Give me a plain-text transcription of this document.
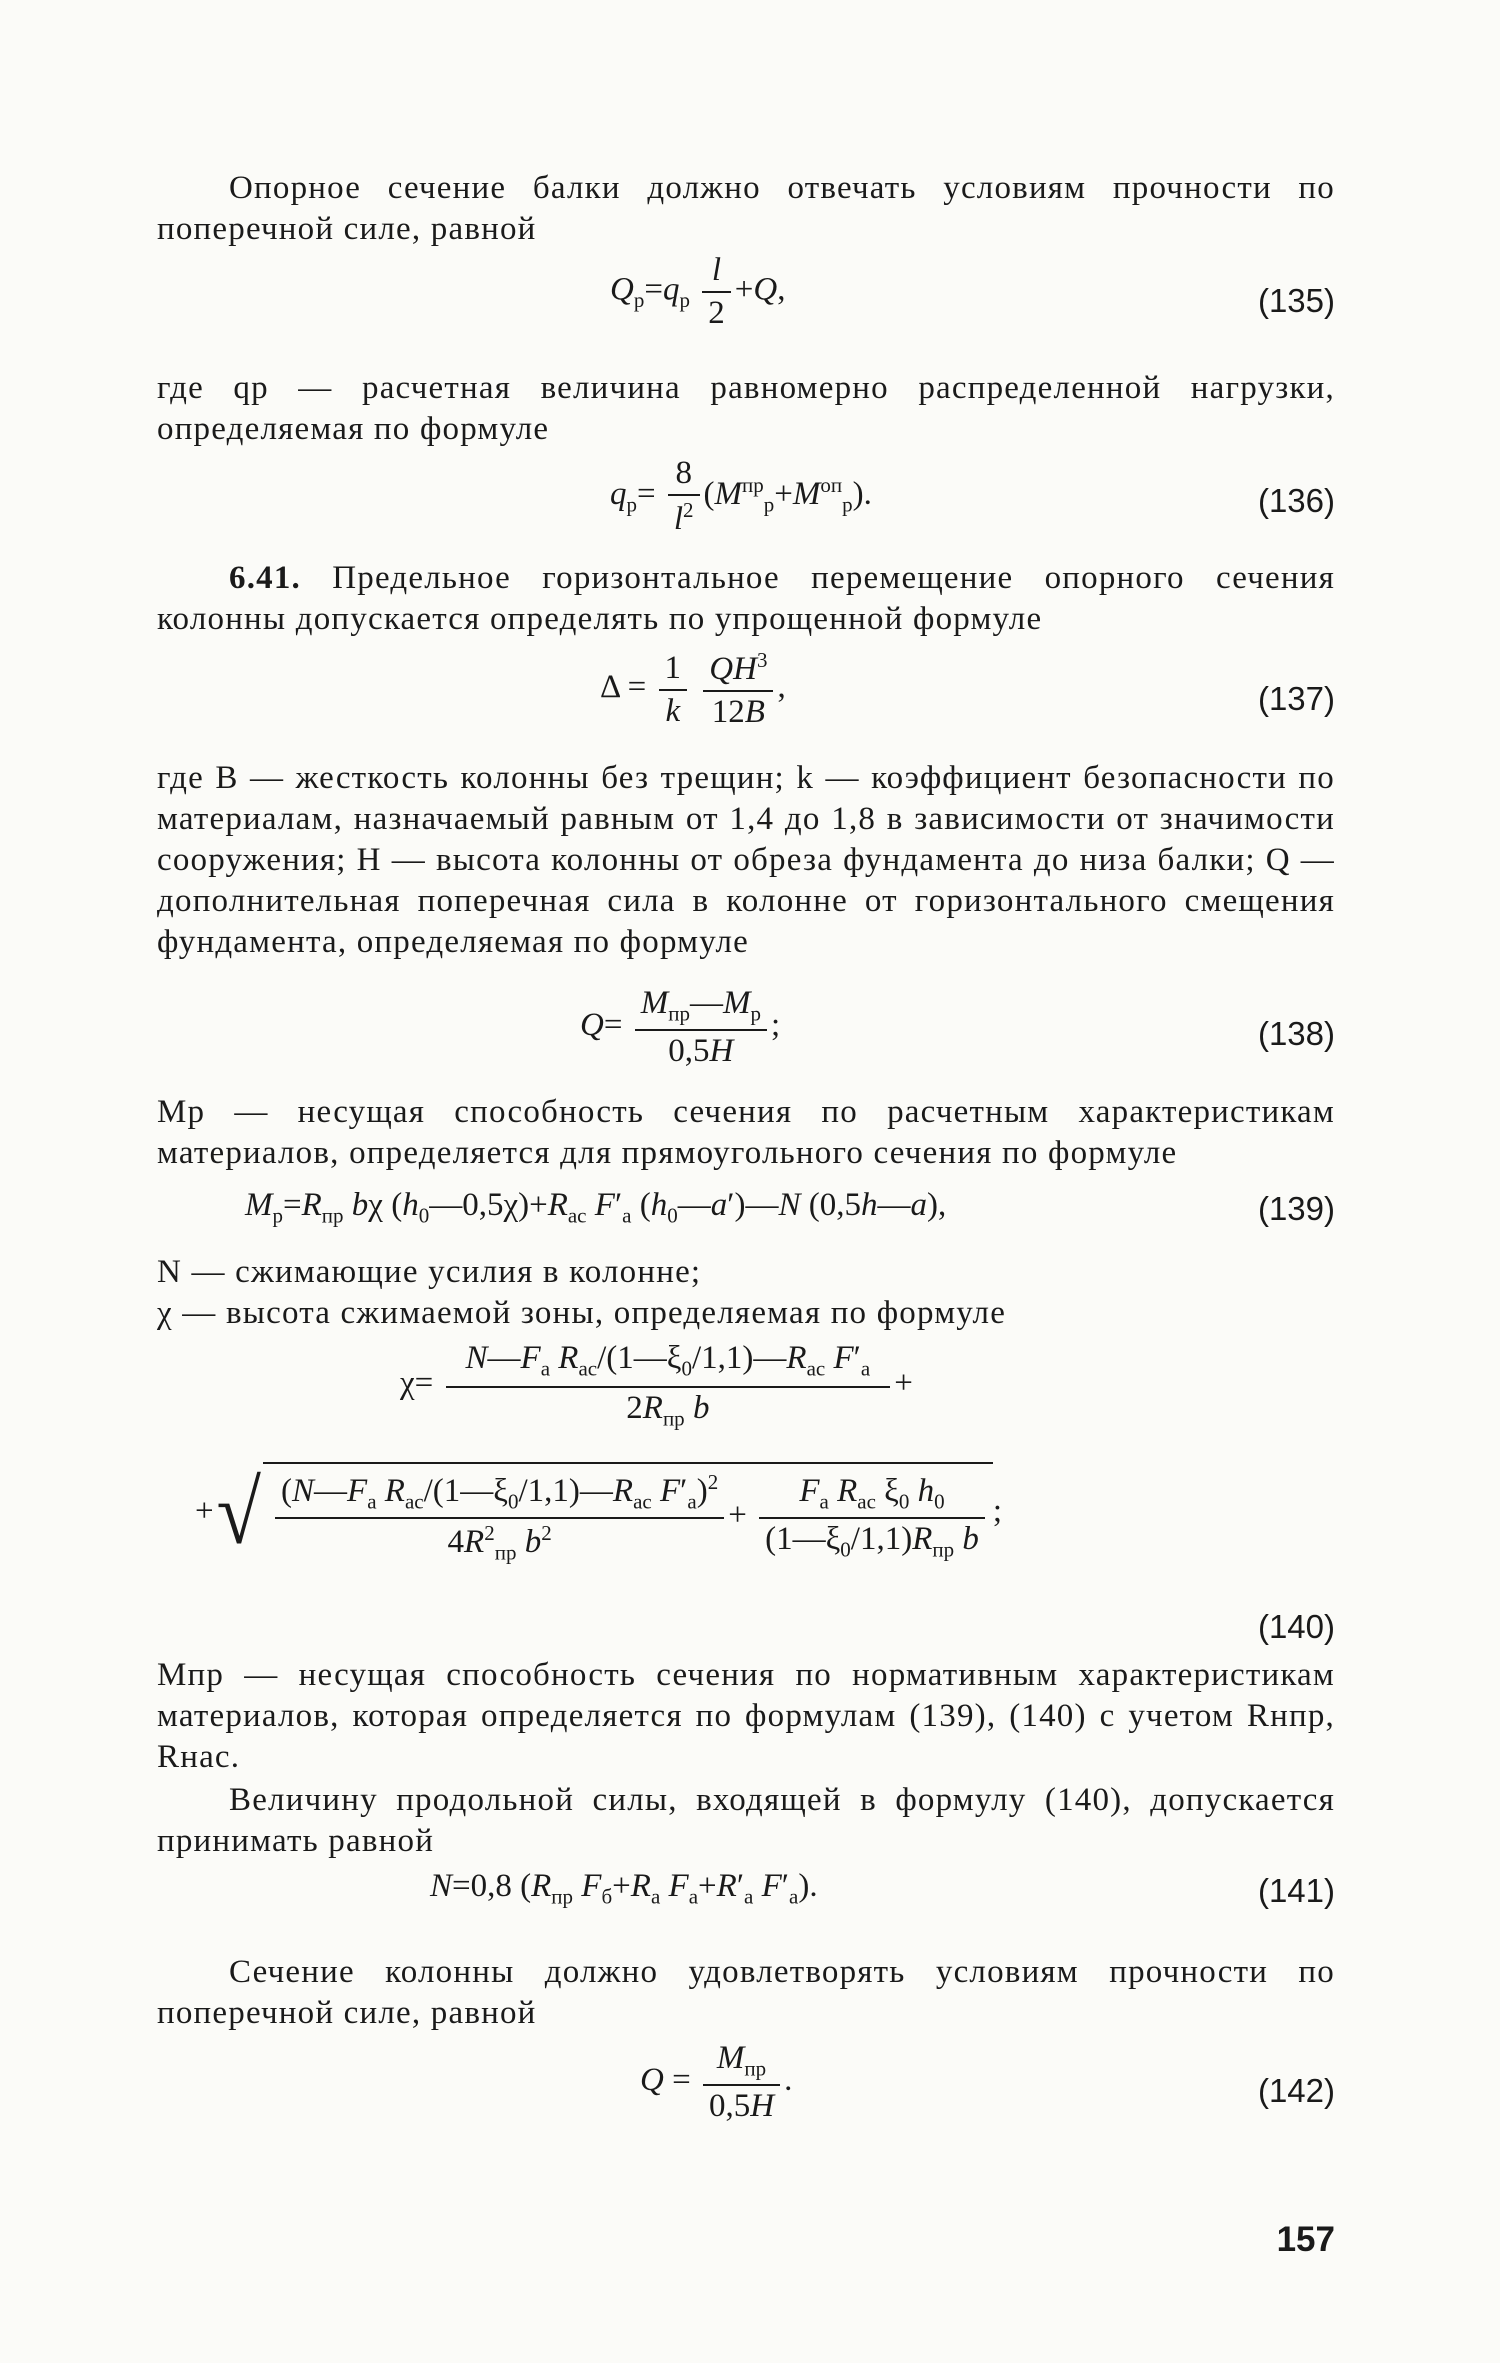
Опорное сечение балки должно отвечать условиям прочности по поперечной силе, равной
$Q_р=q_р \frac{l}{2} +Q$,	(135)
где qр — расчетная величина равномерно распределенной нагрузки, определяемая по формуле
$q_р= \frac{8}{l^2} (M^{пр}_р+M^{оп}_р)$.	(136)
6.41. Предельное горизонтальное перемещение опорного сечения колонны допускается определять по упрощенной формуле
$\Delta = \frac{1}{k}$
$\frac{QH^3}{12B}$ ,	(137)
где B — жесткость колонны без трещин; k — коэффициент безопасности по материалам, назначаемый равным от 1,4 до 1,8 в зависимости от значимости сооружения; H — высота колонны от обреза фундамента до низа балки; Q — дополнительная поперечная сила в колонне от горизонтального смещения фундамента, определяемая по формуле
$Q= \frac{M_{пр}—M_р}{0,5H}$ ;	(138)
Mр — несущая способность сечения по расчетным характеристикам материалов, определяется для прямоугольного сечения по формуле
$M_р=R_{пр}$ bχ $(h_0—0,5\chi)+R_{ас}$ $F'_а$ $(h_0—a')—N$ (0,5h—a),	(139)
N — сжимающие усилия в колонне;
χ — высота сжимаемой зоны, определяемая по формуле
$\chi= \frac{N—F_а R_{ас}/(1—\xi_0/1,1)—R_{ас} F'_а}{2R_{пр} b}$ +
+√ $\frac{(N—F_а R_{ас}/(1—\xi_0/1,1)—R_{ас} F'_а)^2}{4R^2_{пр} b^2} + \frac{F_а R_{ас} \xi_0 h_0}{(1—\xi_0/1,1)R_{пр} b}$ ;
(140)
Mпр — несущая способность сечения по нормативным характеристикам материалов, которая определяется по формулам (139), (140) с учетом Rнпр, Rнас.
Величину продольной силы, входящей в формулу (140), допускается принимать равной
N=0,8 ($R_{пр}$ $F_б+R_а$ $F_а+R'_а$ $F'_а$).	(141)
Сечение колонны должно удовлетворять условиям прочности по поперечной силе, равной
$Q = \frac{M_{пр}}{0,5H}$ .	(142)
157
